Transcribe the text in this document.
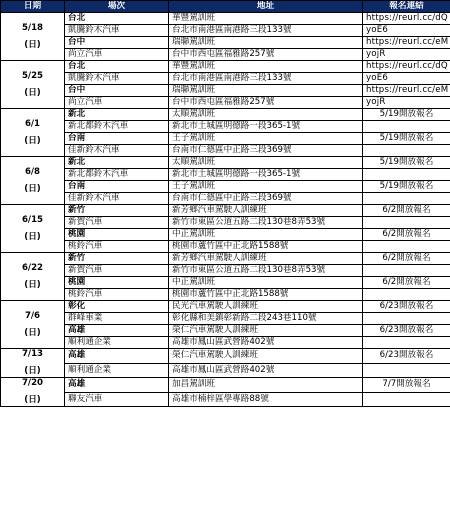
日期	場次	地址	報名連結

5/18
(日)	台北	華豐駕訓班	https://reurl.cc/dQ
	凱騰鈴木汽車	台北市南港區南港路三段133號	yoE6
	台中	瑞聯駕訓班	https://reurl.cc/eM
	尚立汽車	台中市西屯區福雅路257號	yojR

5/25
(日)	台北	華豐駕訓班	https://reurl.cc/dQ
	凱騰鈴木汽車	台北市南港區南港路三段133號	yoE6
	台中	瑞聯駕訓班	https://reurl.cc/eM
	尚立汽車	台中市西屯區福雅路257號	yojR

6/1
(日)	新北	太順駕訓班	5/19開放報名
	新北都鈴木汽車	新北市土城區明德路一段365-1號	
	台南	王子駕訓班	5/19開放報名
	佳新鈴木汽車	台南市仁德區中正路三段369號	

6/8
(日)	新北	太順駕訓班	5/19開放報名
	新北都鈴木汽車	新北市土城區明德路一段365-1號	
	台南	王子駕訓班	5/19開放報名
	佳新鈴木汽車	台南市仁德區中正路三段369號	

6/15
(日)	新竹	新芳鄉汽車駕駛人訓練班	6/2開放報名
	新賀汽車	新竹市東區公道五路二段130巷8弄53號	
	桃園	中正駕訓班	6/2開放報名
	桃鈴汽車	桃園市蘆竹區中正北路1588號	

6/22
(日)	新竹	新芳鄉汽車駕駛人訓練班	6/2開放報名
	新賀汽車	新竹市東區公道五路二段130巷8弄53號	
	桃園	中正駕訓班	6/2開放報名
	桃鈴汽車	桃園市蘆竹區中正北路1588號	

7/6
(日)	彰化	民光汽車駕駛人訓練班	6/23開放報名
	群峰車業	彰化縣和美鎮彰新路二段243巷110號	
	高雄	榮仁汽車駕駛人訓練班	6/23開放報名
	順利通企業	高雄市鳳山區武營路402號	

7/13
(日)	高雄	榮仁汽車駕駛人訓練班	6/23開放報名
	順利通企業	高雄市鳳山區武營路402號	

7/20
(日)	高雄	加昌駕訓班	7/7開放報名
	聯友汽車	高雄市楠梓區學專路88號	
